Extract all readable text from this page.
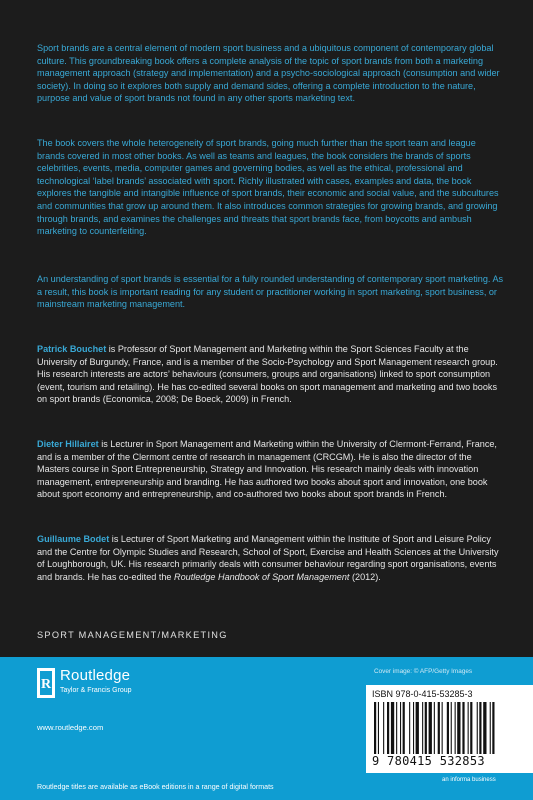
Sport brands are a central element of modern sport business and a ubiquitous component of contemporary global culture. This groundbreaking book offers a complete analysis of the topic of sport brands from both a marketing management approach (strategy and implementation) and a psycho-sociological approach (consumption and wider society). In doing so it explores both supply and demand sides, offering a complete introduction to the nature, purpose and value of sport brands not found in any other sports marketing text.

The book covers the whole heterogeneity of sport brands, going much further than the sport team and league brands covered in most other books. As well as teams and leagues, the book considers the brands of sports celebrities, events, media, computer games and governing bodies, as well as the ethical, professional and technological ‘label brands’ associated with sport. Richly illustrated with cases, examples and data, the book explores the tangible and intangible influence of sport brands, their economic and social value, and the subcultures and communities that grow up around them. It also introduces common strategies for growing brands, and growing through brands, and examines the challenges and threats that sport brands face, from boycotts and ambush marketing to counterfeiting.

An understanding of sport brands is essential for a fully rounded understanding of contemporary sport marketing. As a result, this book is important reading for any student or practitioner working in sport marketing, sport business, or mainstream marketing management.

Patrick Bouchet is Professor of Sport Management and Marketing within the Sport Sciences Faculty at the University of Burgundy, France, and is a member of the Socio-Psychology and Sport Management research group. His research interests are actors’ behaviours (consumers, groups and organisations) linked to sport consumption (event, tourism and retailing). He has co-edited several books on sport management and marketing and two books on sport brands (Economica, 2008; De Boeck, 2009) in French.

Dieter Hillairet is Lecturer in Sport Management and Marketing within the University of Clermont-Ferrand, France, and is a member of the Clermont centre of research in management (CRCGM). He is also the director of the Masters course in Sport Entrepreneurship, Strategy and Innovation. His research mainly deals with innovation management, entrepreneurship and branding. He has authored two books about sport and innovation, one book about sport economy and entrepreneurship, and co-authored two books about sport brands in French.

Guillaume Bodet is Lecturer of Sport Marketing and Management within the Institute of Sport and Leisure Policy and the Centre for Olympic Studies and Research, School of Sport, Exercise and Health Sciences at the University of Loughborough, UK. His research primarily deals with consumer behaviour regarding sport organisations, events and brands. He has co-edited the Routledge Handbook of Sport Management (2012).

SPORT MANAGEMENT/MARKETING
R
Routledge
Taylor & Francis Group
www.routledge.com
Routledge titles are available as eBook editions in a range of digital formats
Cover image: © AFP/Getty Images
ISBN 978-0-415-53285-3
9 780415 532853
an informa business
